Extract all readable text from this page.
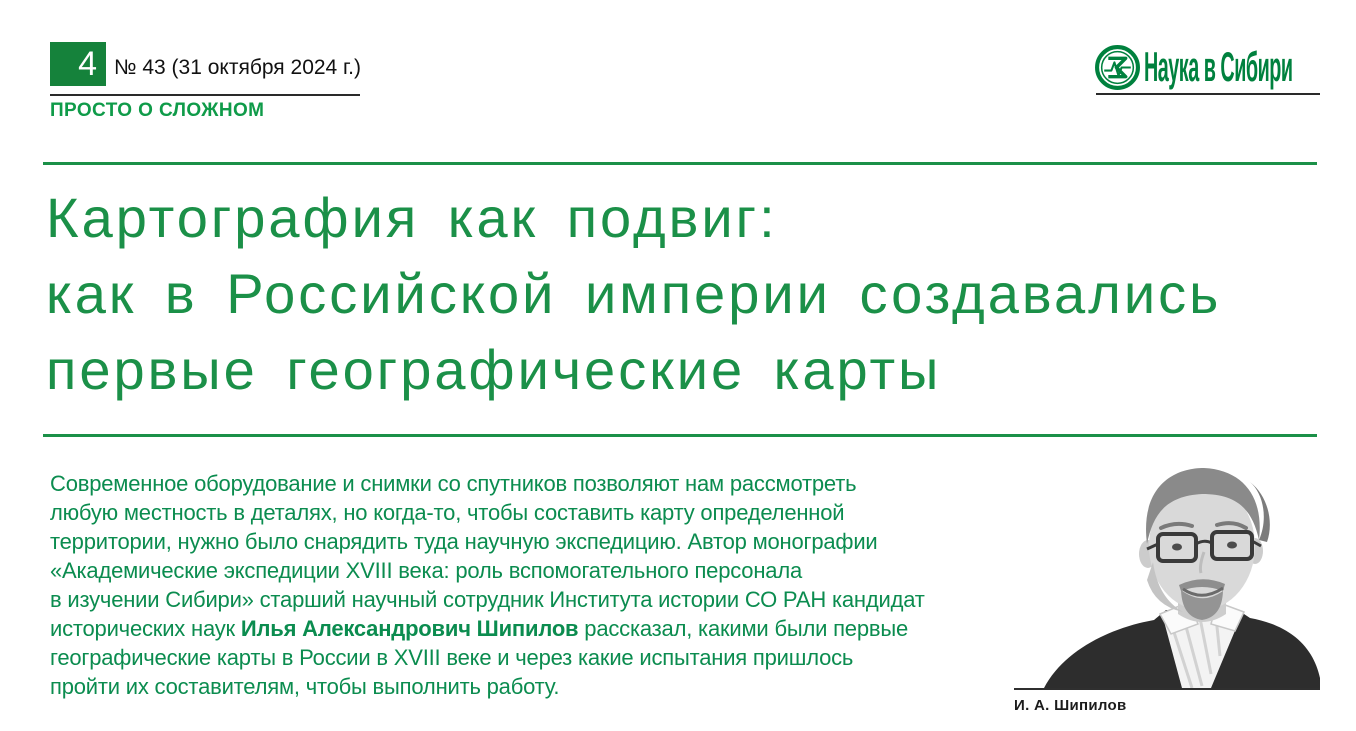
4 № 43 (31 октября 2024 г.)
ПРОСТО О СЛОЖНОМ
Наука в Сибири
Картография как подвиг:
как в Российской империи создавались
первые географические карты
Современное оборудование и снимки со спутников позволяют нам рассмотреть
любую местность в деталях, но когда-то, чтобы составить карту определенной
территории, нужно было снарядить туда научную экспедицию. Автор монографии
«Академические экспедиции XVIII века: роль вспомогательного персонала
в изучении Сибири» старший научный сотрудник Института истории СО РАН кандидат
исторических наук Илья Александрович Шипилов рассказал, какими были первые
географические карты в России в XVIII веке и через какие испытания пришлось
пройти их составителям, чтобы выполнить работу.
И. А. Шипилов
